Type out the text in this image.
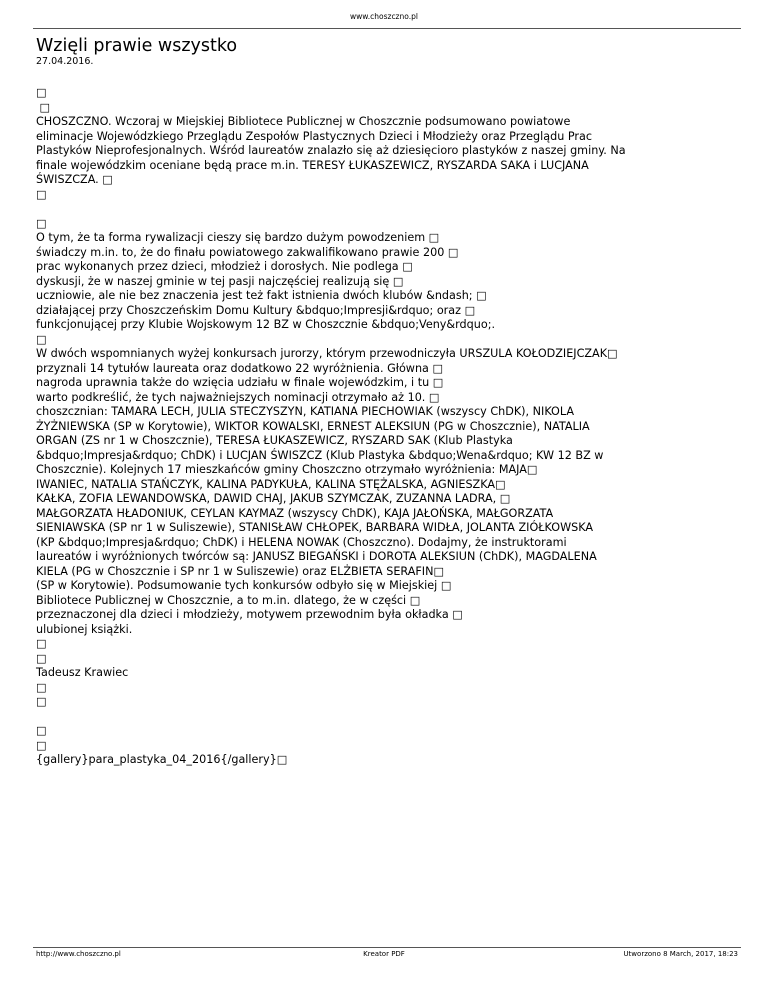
www.choszczno.pl
Wzięli prawie wszystko
27.04.2016.
□
□
CHOSZCZNO. Wczoraj w Miejskiej Bibliotece Publicznej w Choszcznie podsumowano powiatowe
eliminacje Wojewódzkiego Przeglądu Zespołów Plastycznych Dzieci i Młodzieży oraz Przeglądu Prac
Plastyków Nieprofesjonalnych. Wśród laureatów znalazło się aż dziesięcioro plastyków z naszej gminy. Na
finale wojewódzkim oceniane będą prace m.in. TERESY ŁUKASZEWICZ, RYSZARDA SAKA i LUCJANA
ŚWISZCZA. □
□
□
O tym, że ta forma rywalizacji cieszy się bardzo dużym powodzeniem □
świadczy m.in. to, że do finału powiatowego zakwalifikowano prawie 200 □
prac wykonanych przez dzieci, młodzież i dorosłych. Nie podlega □
dyskusji, że w naszej gminie w tej pasji najczęściej realizują się □
uczniowie, ale nie bez znaczenia jest też fakt istnienia dwóch klubów &ndash; □
działającej przy Choszczeńskim Domu Kultury &bdquo;Impresji&rdquo; oraz □
funkcjonującej przy Klubie Wojskowym 12 BZ w Choszcznie &bdquo;Veny&rdquo;.
□
W dwóch wspomnianych wyżej konkursach jurorzy, którym przewodniczyła URSZULA KOŁODZIEJCZAK□
przyznali 14 tytułów laureata oraz dodatkowo 22 wyróżnienia. Główna □
nagroda uprawnia także do wzięcia udziału w finale wojewódzkim, i tu □
warto podkreślić, że tych najważniejszych nominacji otrzymało aż 10. □
choszcznian: TAMARA LECH, JULIA STECZYSZYN, KATIANA PIECHOWIAK (wszyscy ChDK), NIKOLA
ŻYŻNIEWSKA (SP w Korytowie), WIKTOR KOWALSKI, ERNEST ALEKSIUN (PG w Choszcznie), NATALIA
ORGAN (ZS nr 1 w Choszcznie), TERESA ŁUKASZEWICZ, RYSZARD SAK (Klub Plastyka
&bdquo;Impresja&rdquo; ChDK) i LUCJAN ŚWISZCZ (Klub Plastyka &bdquo;Wena&rdquo; KW 12 BZ w
Choszcznie). Kolejnych 17 mieszkańców gminy Choszczno otrzymało wyróżnienia: MAJA□
IWANIEC, NATALIA STAŃCZYK, KALINA PADYKUŁA, KALINA STĘŻALSKA, AGNIESZKA□
KAŁKA, ZOFIA LEWANDOWSKA, DAWID CHAJ, JAKUB SZYMCZAK, ZUZANNA LADRA, □
MAŁGORZATA HŁADONIUK, CEYLAN KAYMAZ (wszyscy ChDK), KAJA JAŁOŃSKA, MAŁGORZATA
SIENIAWSKA (SP nr 1 w Suliszewie), STANISŁAW CHŁOPEK, BARBARA WIDŁA, JOLANTA ZIÓŁKOWSKA
(KP &bdquo;Impresja&rdquo; ChDK) i HELENA NOWAK (Choszczno). Dodajmy, że instruktorami
laureatów i wyróżnionych twórców są: JANUSZ BIEGAŃSKI i DOROTA ALEKSIUN (ChDK), MAGDALENA
KIELA (PG w Choszcznie i SP nr 1 w Suliszewie) oraz ELŻBIETA SERAFIN□
(SP w Korytowie). Podsumowanie tych konkursów odbyło się w Miejskiej □
Bibliotece Publicznej w Choszcznie, a to m.in. dlatego, że w części □
przeznaczonej dla dzieci i młodzieży, motywem przewodnim była okładka □
ulubionej książki.
□
□
Tadeusz Krawiec
□
□
□
□
{gallery}para_plastyka_04_2016{/gallery}□
http://www.choszczno.pl	Kreator PDF	Utworzono 8 March, 2017, 18:23
